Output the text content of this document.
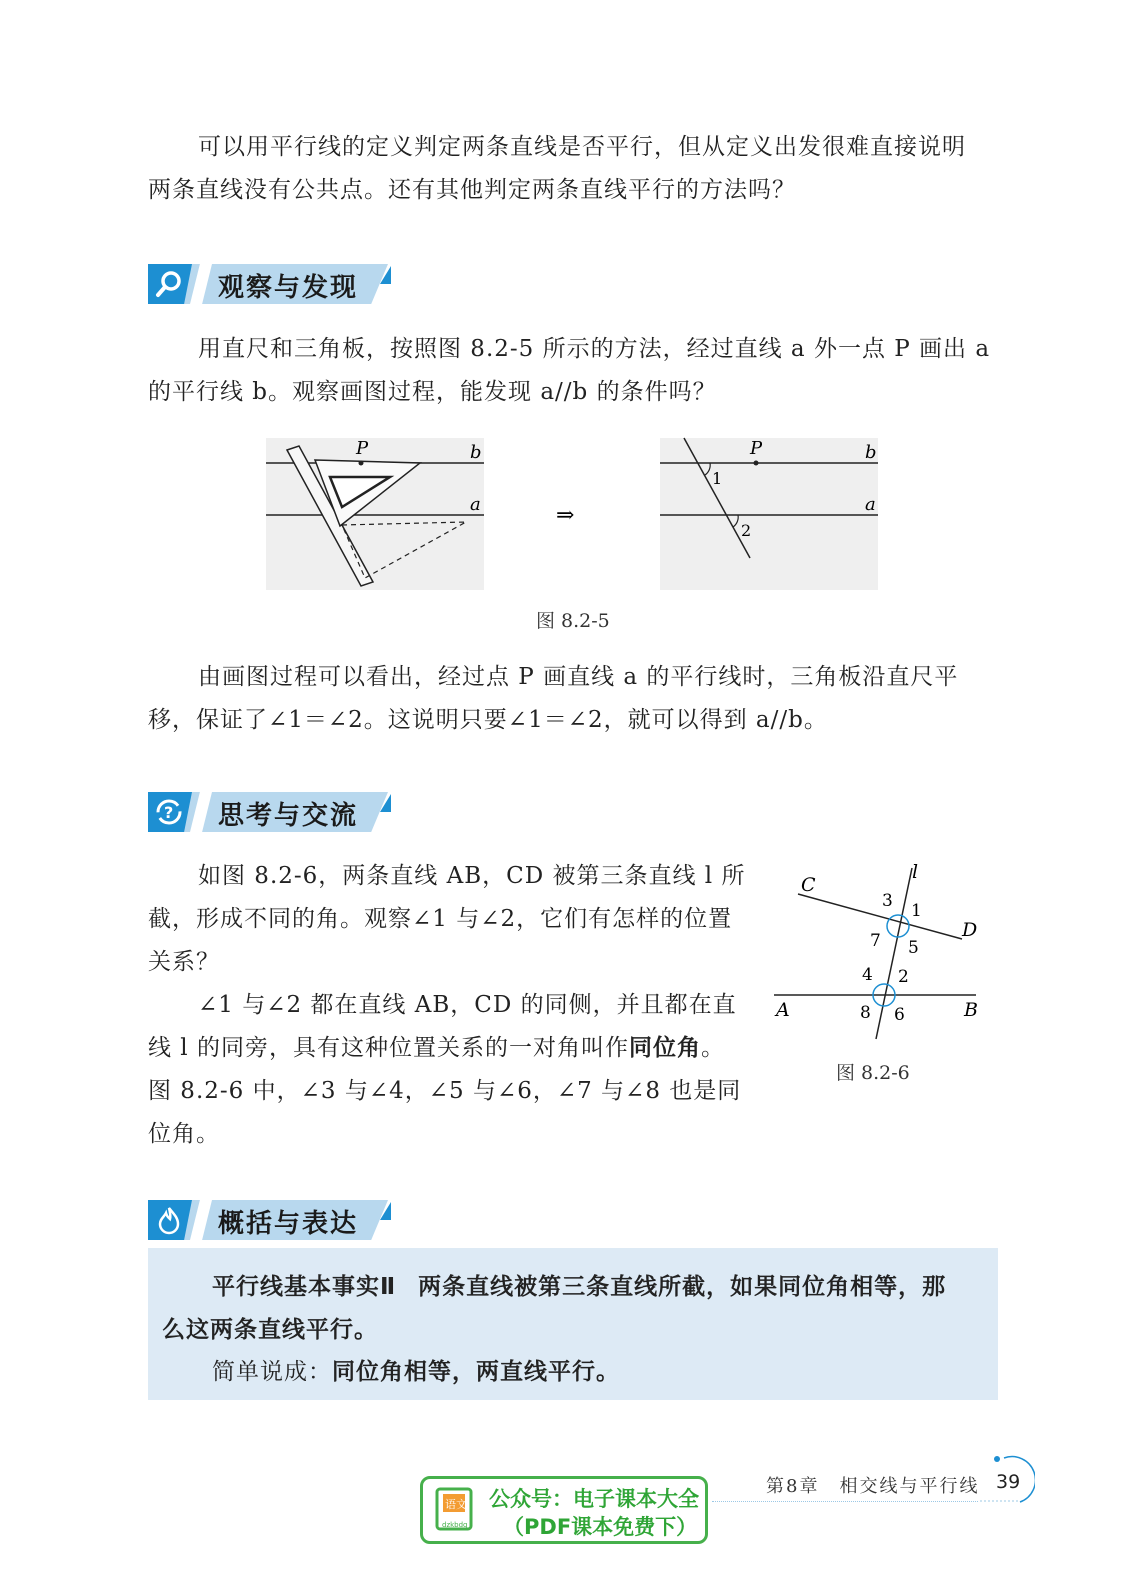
可以用平行线的定义判定两条直线是否平行，但从定义出发很难直接说明

两条直线没有公共点。还有其他判定两条直线平行的方法吗？

观察与发现

用直尺和三角板，按照图 8.2-5 所示的方法，经过直线 a 外一点 P 画出 a

的平行线 b。观察画图过程，能发现 a//b 的条件吗？

P	b
a	⇒
P	b
a
1
2
图 8.2-5

由画图过程可以看出，经过点 P 画直线 a 的平行线时，三角板沿直尺平

移，保证了∠1＝∠2。这说明只要∠1＝∠2，就可以得到 a//b。

? 思考与交流
如图 8.2-6，两条直线 AB，CD 被第三条直线 l 所
截，形成不同的角。观察∠1 与∠2，它们有怎样的位置
关系？
∠1 与∠2 都在直线 AB，CD 的同侧，并且都在直
线 l 的同旁，具有这种位置关系的一对角叫作同位角。
图 8.2-6 中，∠3 与∠4，∠5 与∠6，∠7 与∠8 也是同
位角。
l
C
D
A	B
1
2
3
4
5
6
7
8
图 8.2-6
概括与表达

平行线基本事实Ⅱ 两条直线被第三条直线所截，如果同位角相等，那

么这两条直线平行。

简单说成：同位角相等，两直线平行。

语文
dzkbdq
公众号：电子课本大全
（PDF课本免费下）
第8章　相交线与平行线 39
